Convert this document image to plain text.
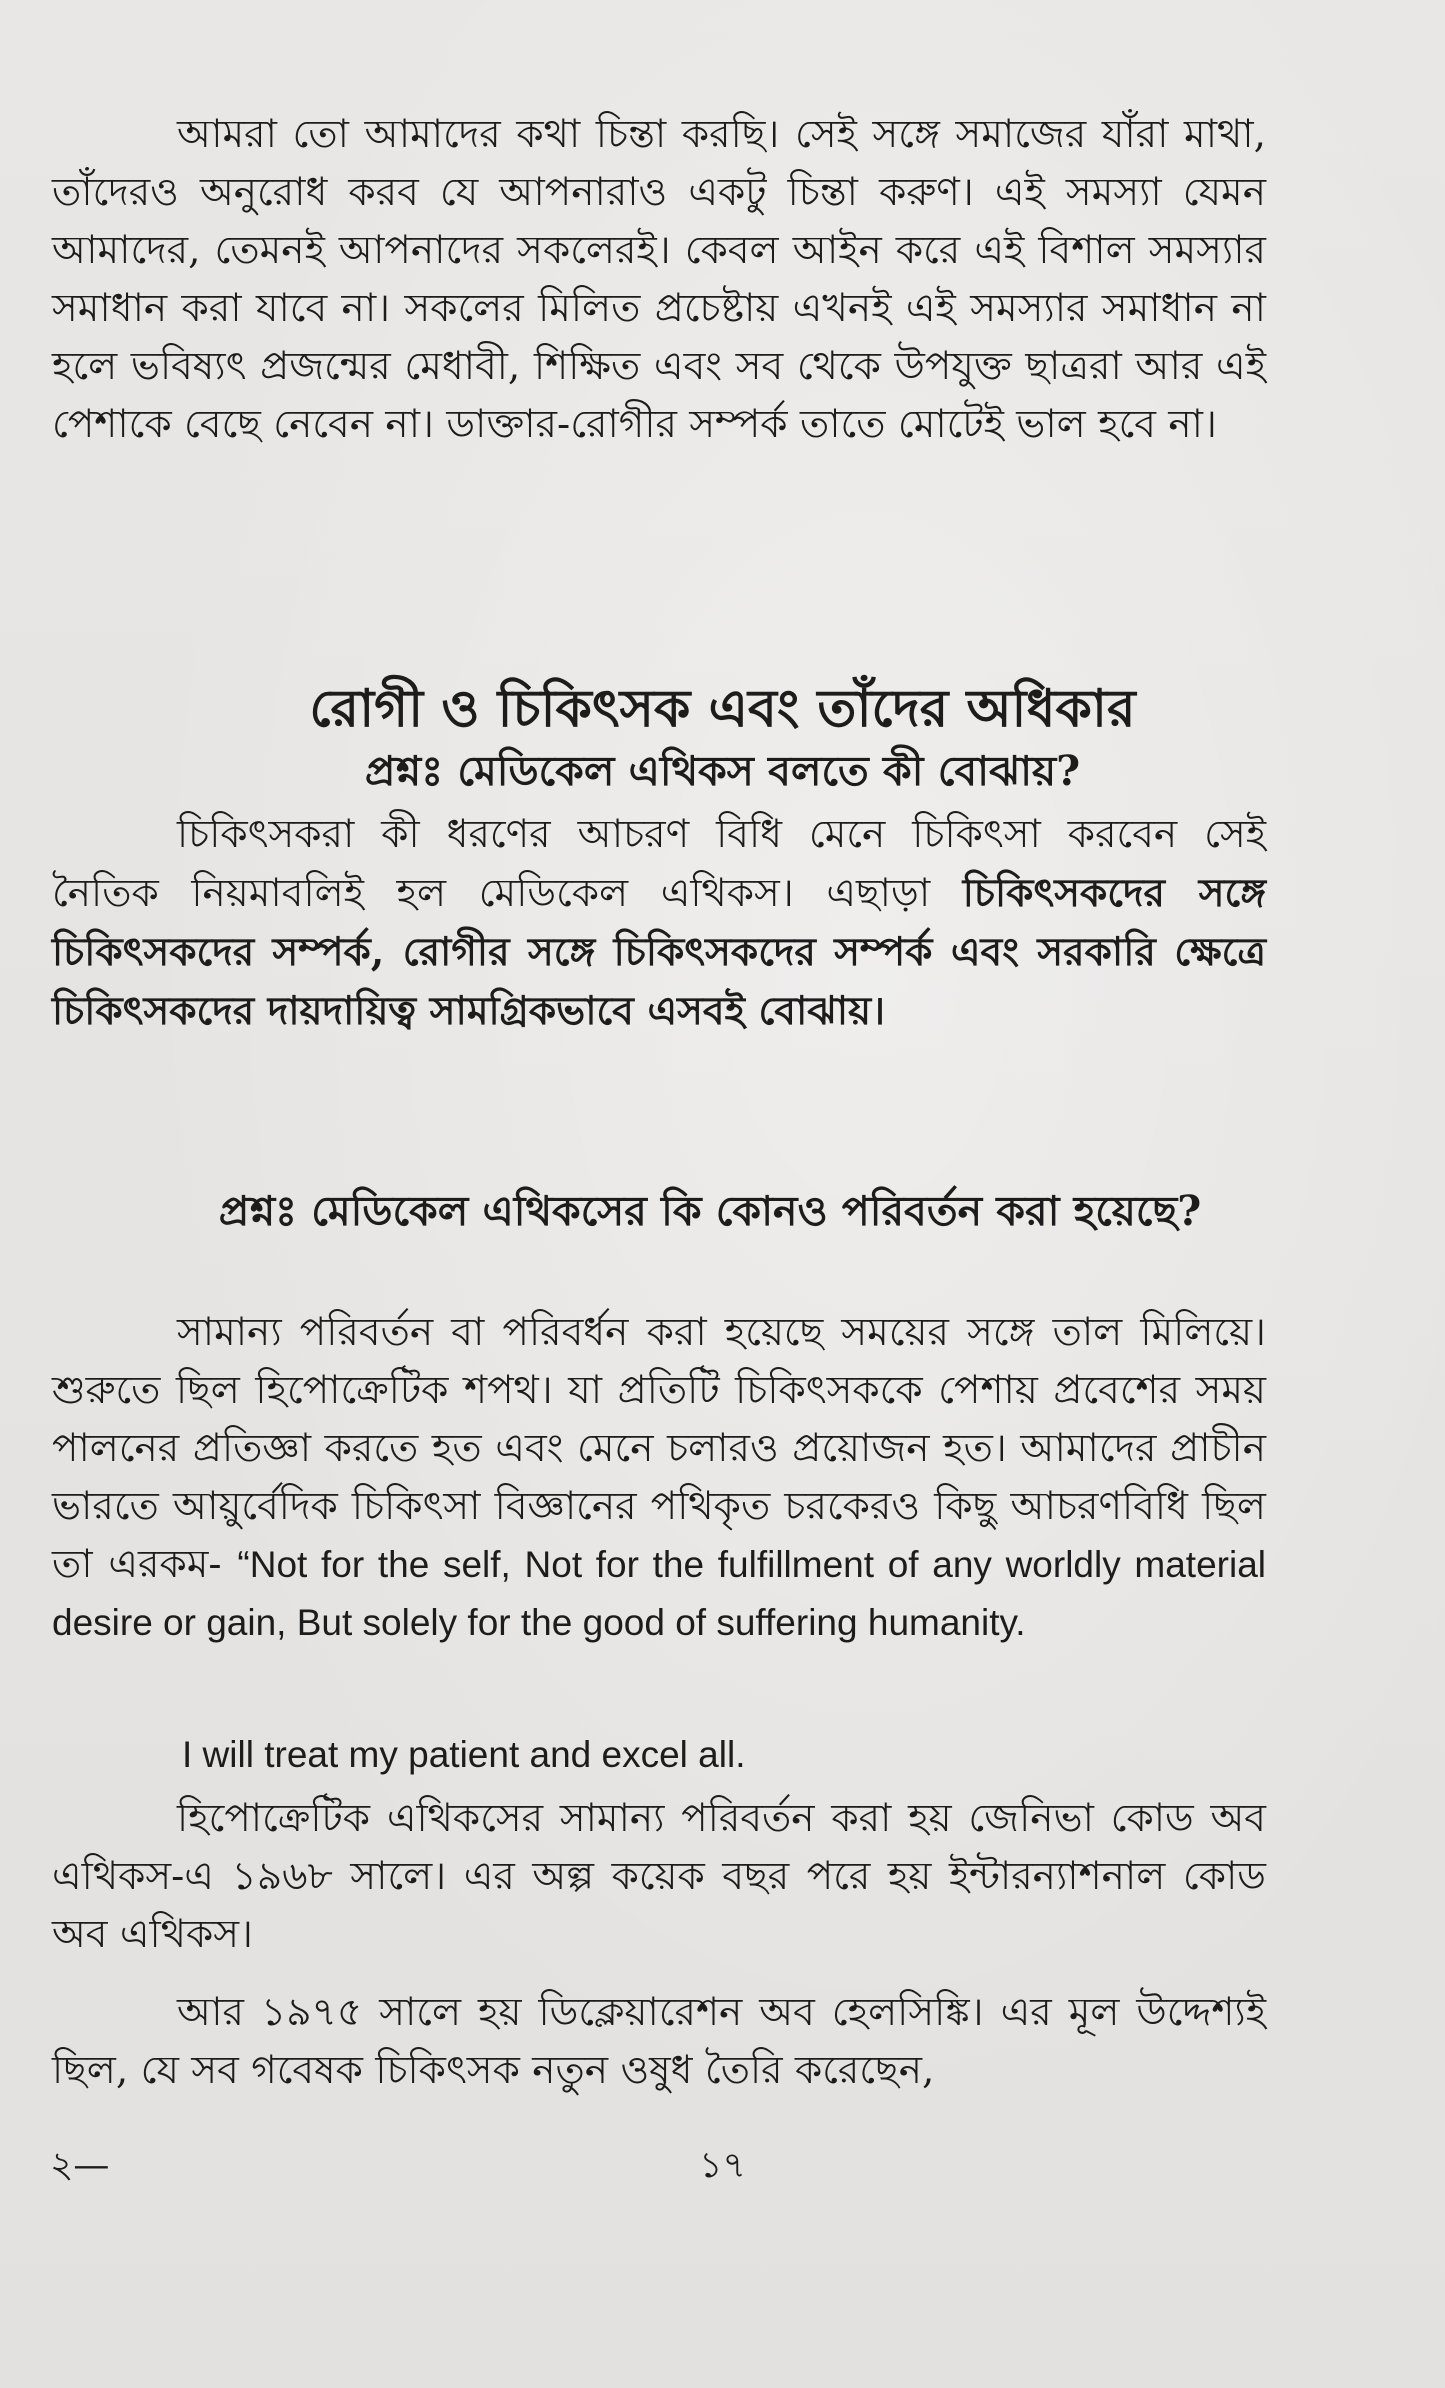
আমরা তো আমাদের কথা চিন্তা করছি। সেই সঙ্গে সমাজের যাঁরা মাথা, তাঁদেরও অনুরোধ করব যে আপনারাও একটু চিন্তা করুণ। এই সমস্যা যেমন আমাদের, তেমনই আপনাদের সকলেরই। কেবল আইন করে এই বিশাল সমস্যার সমাধান করা যাবে না। সকলের মিলিত প্রচেষ্টায় এখনই এই সমস্যার সমাধান না হলে ভবিষ্যৎ প্রজন্মের মেধাবী, শিক্ষিত এবং সব থেকে উপযুক্ত ছাত্ররা আর এই পেশাকে বেছে নেবেন না। ডাক্তার-রোগীর সম্পর্ক তাতে মোটেই ভাল হবে না।

রোগী ও চিকিৎসক এবং তাঁদের অধিকার
প্রশ্নঃ মেডিকেল এথিকস বলতে কী বোঝায়?

চিকিৎসকরা কী ধরণের আচরণ বিধি মেনে চিকিৎসা করবেন সেই নৈতিক নিয়মাবলিই হল মেডিকেল এথিকস। এছাড়া চিকিৎসকদের সঙ্গে চিকিৎসকদের সম্পর্ক, রোগীর সঙ্গে চিকিৎসকদের সম্পর্ক এবং সরকারি ক্ষেত্রে চিকিৎসকদের দায়দায়িত্ব সামগ্রিকভাবে এসবই বোঝায়।

প্রশ্নঃ মেডিকেল এথিকসের কি কোনও পরিবর্তন করা হয়েছে?

সামান্য পরিবর্তন বা পরিবর্ধন করা হয়েছে সময়ের সঙ্গে তাল মিলিয়ে। শুরুতে ছিল হিপোক্রেটিক শপথ। যা প্রতিটি চিকিৎসককে পেশায় প্রবেশের সময় পালনের প্রতিজ্ঞা করতে হত এবং মেনে চলারও প্রয়োজন হত। আমাদের প্রাচীন ভারতে আয়ুর্বেদিক চিকিৎসা বিজ্ঞানের পথিকৃত চরকেরও কিছু আচরণবিধি ছিল তা এরকম- “Not for the self, Not for the fulfillment of any worldly material desire or gain, But solely for the good of suffering humanity.

I will treat my patient and excel all.

হিপোক্রেটিক এথিকসের সামান্য পরিবর্তন করা হয় জেনিভা কোড অব এথিকস-এ ১৯৬৮ সালে। এর অল্প কয়েক বছর পরে হয় ইন্টারন্যাশনাল কোড অব এথিকস।

আর ১৯৭৫ সালে হয় ডিক্লেয়ারেশন অব হেলসিঙ্কি। এর মূল উদ্দেশ্যই ছিল, যে সব গবেষক চিকিৎসক নতুন ওষুধ তৈরি করেছেন,

২—	১৭
